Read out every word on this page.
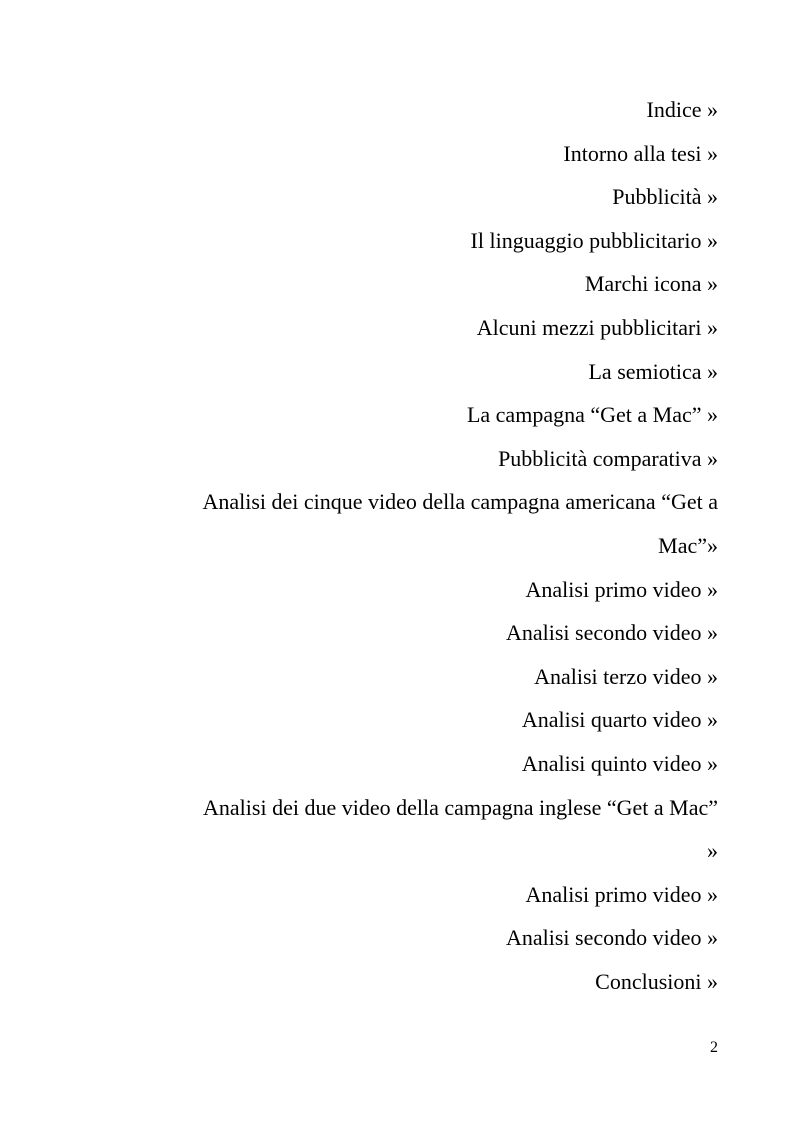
Indice »
Intorno alla tesi »
Pubblicità »
Il linguaggio pubblicitario »
Marchi icona »
Alcuni mezzi pubblicitari »
La semiotica »
La campagna “Get a Mac” »
Pubblicità comparativa »
Analisi dei cinque video della campagna americana “Get a
Mac”»
Analisi primo video »
Analisi secondo video »
Analisi terzo video »
Analisi quarto video »
Analisi quinto video »
Analisi dei due video della campagna inglese “Get a Mac”
»
Analisi primo video »
Analisi secondo video »
Conclusioni »
2
